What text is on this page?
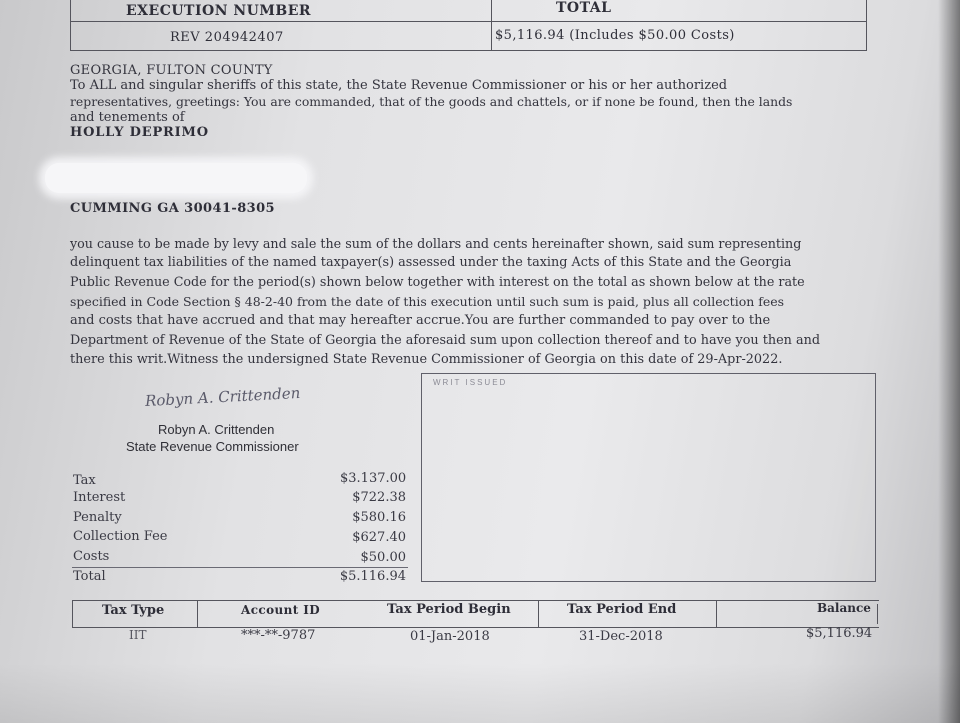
EXECUTION NUMBER	TOTAL
REV 204942407	$5,116.94 (Includes $50.00 Costs)
GEORGIA, FULTON COUNTY
To ALL and singular sheriffs of this state, the State Revenue Commissioner or his or her authorized
representatives, greetings: You are commanded, that of the goods and chattels, or if none be found, then the lands
and tenements of
HOLLY DEPRIMO
CUMMING GA 30041-8305
you cause to be made by levy and sale the sum of the dollars and cents hereinafter shown, said sum representing
delinquent tax liabilities of the named taxpayer(s) assessed under the taxing Acts of this State and the Georgia
Public Revenue Code for the period(s) shown below together with interest on the total as shown below at the rate
specified in Code Section § 48-2-40 from the date of this execution until such sum is paid, plus all collection fees
and costs that have accrued and that may hereafter accrue.You are further commanded to pay over to the
Department of Revenue of the State of Georgia the aforesaid sum upon collection thereof and to have you then and
there this writ.Witness the undersigned State Revenue Commissioner of Georgia on this date of 29-Apr-2022.
Robyn A. Crittenden
Robyn A. Crittenden
State Revenue Commissioner
WRIT ISSUED
Tax	$3.137.00
Interest	$722.38
Penalty	$580.16
Collection Fee	$627.40
Costs	$50.00
Total	$5.116.94
Tax Type	Account ID	Tax Period Begin	Tax Period End	Balance
IIT	***-**-9787	01-Jan-2018	31-Dec-2018	$5,116.94
